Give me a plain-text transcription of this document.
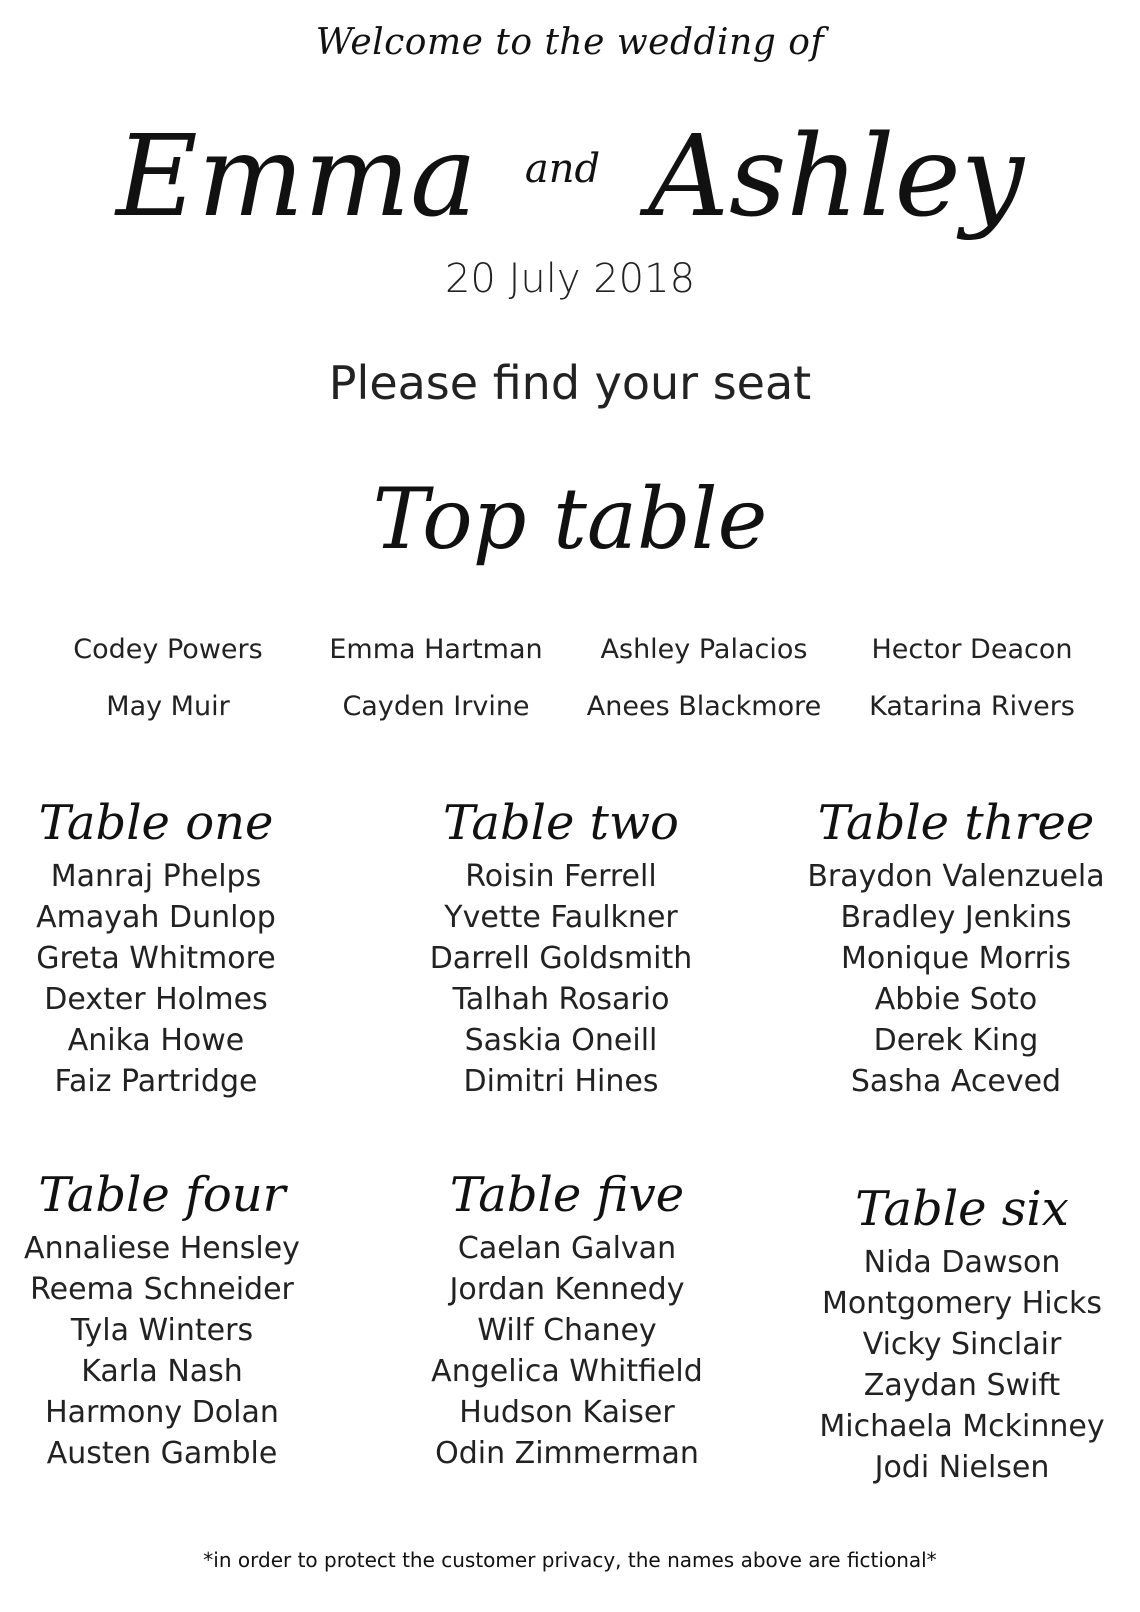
Welcome to the wedding of
Emma and Ashley
20 July 2018
Please find your seat
Top table
Codey Powers	Emma Hartman	Ashley Palacios	Hector Deacon
May Muir	Cayden Irvine	Anees Blackmore	Katarina Rivers
Table one
Manraj Phelps
Amayah Dunlop
Greta Whitmore
Dexter Holmes
Anika Howe
Faiz Partridge
Table two
Roisin Ferrell
Yvette Faulkner
Darrell Goldsmith
Talhah Rosario
Saskia Oneill
Dimitri Hines
Table three
Braydon Valenzuela
Bradley Jenkins
Monique Morris
Abbie Soto
Derek King
Sasha Aceved
Table four
Annaliese Hensley
Reema Schneider
Tyla Winters
Karla Nash
Harmony Dolan
Austen Gamble
Table five
Caelan Galvan
Jordan Kennedy
Wilf Chaney
Angelica Whitfield
Hudson Kaiser
Odin Zimmerman
Table six
Nida Dawson
Montgomery Hicks
Vicky Sinclair
Zaydan Swift
Michaela Mckinney
Jodi Nielsen
*in order to protect the customer privacy, the names above are fictional*
